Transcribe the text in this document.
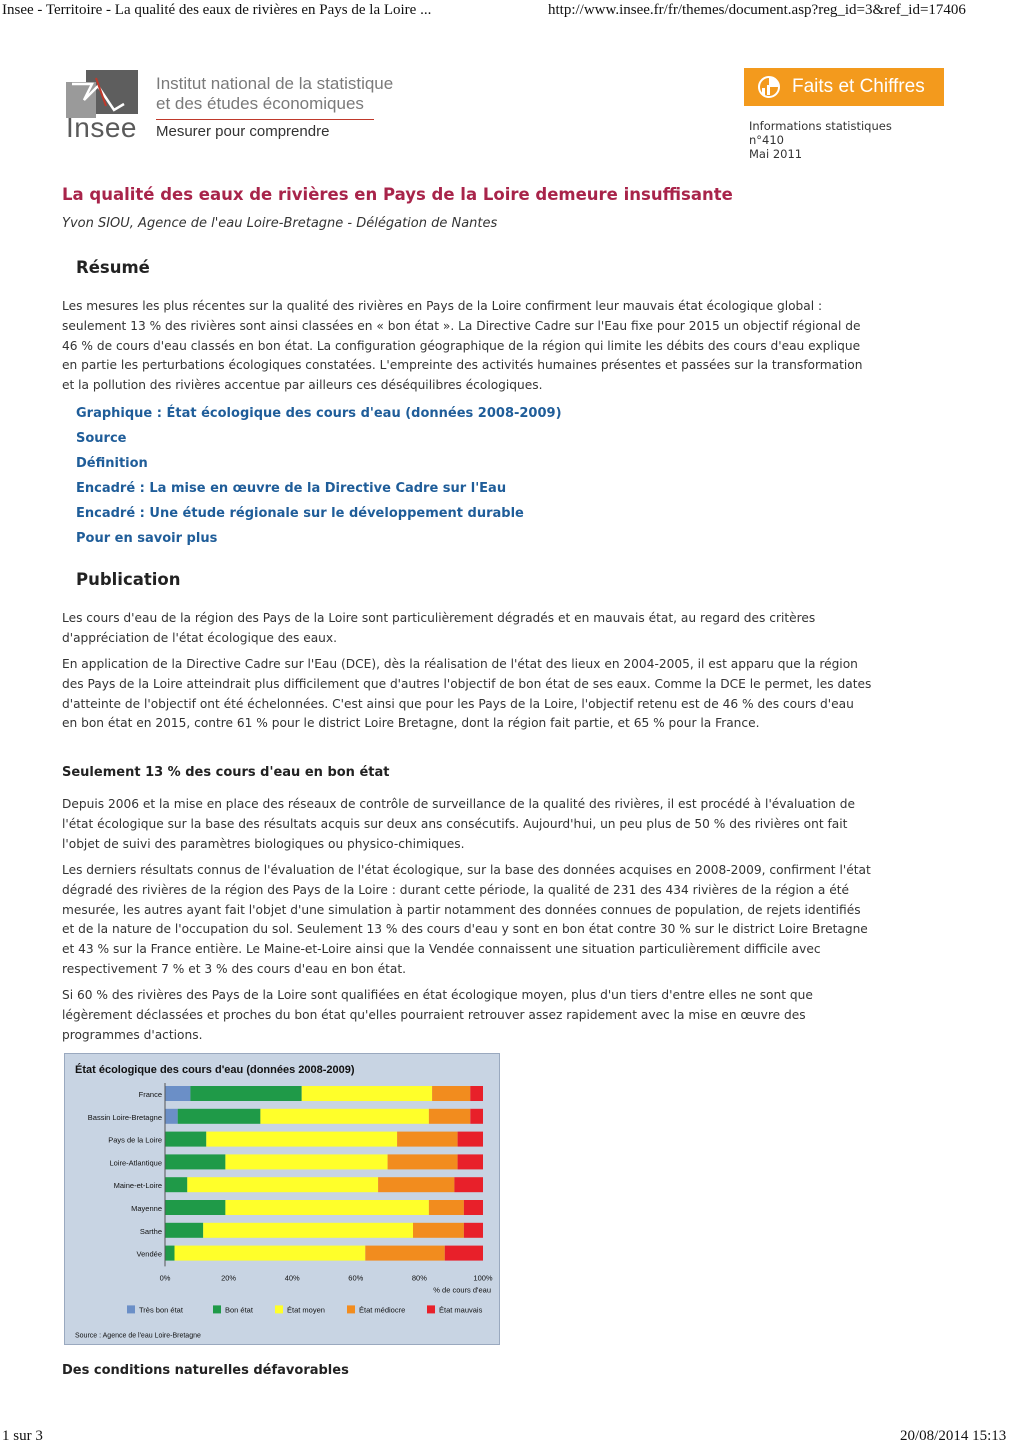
Insee - Territoire - La qualité des eaux de rivières en Pays de la Loire ...	http://www.insee.fr/fr/themes/document.asp?reg_id=3&ref_id=17406
1 sur 3	20/08/2014 15:13
Insee
Institut national de la statistique
et des études économiques
Mesurer pour comprendre
Faits et Chiffres
Informations statistiques
n°410
Mai 2011
La qualité des eaux de rivières en Pays de la Loire demeure insuffisante
Yvon SIOU, Agence de l'eau Loire-Bretagne - Délégation de Nantes
Résumé

Les mesures les plus récentes sur la qualité des rivières en Pays de la Loire confirment leur mauvais état écologique global : seulement 13 % des rivières sont ainsi classées en « bon état ». La Directive Cadre sur l'Eau fixe pour 2015 un objectif régional de 46 % de cours d'eau classés en bon état. La configuration géographique de la région qui limite les débits des cours d'eau explique en partie les perturbations écologiques constatées. L'empreinte des activités humaines présentes et passées sur la transformation et la pollution des rivières accentue par ailleurs ces déséquilibres écologiques.

Graphique : État écologique des cours d'eau (données 2008-2009)
Source
Définition
Encadré : La mise en œuvre de la Directive Cadre sur l'Eau
Encadré : Une étude régionale sur le développement durable
Pour en savoir plus
Publication

Les cours d'eau de la région des Pays de la Loire sont particulièrement dégradés et en mauvais état, au regard des critères d'appréciation de l'état écologique des eaux.

En application de la Directive Cadre sur l'Eau (DCE), dès la réalisation de l'état des lieux en 2004-2005, il est apparu que la région des Pays de la Loire atteindrait plus difficilement que d'autres l'objectif de bon état de ses eaux. Comme la DCE le permet, les dates d'atteinte de l'objectif ont été échelonnées. C'est ainsi que pour les Pays de la Loire, l'objectif retenu est de 46 % des cours d'eau en bon état en 2015, contre 61 % pour le district Loire Bretagne, dont la région fait partie, et 65 % pour la France.

Seulement 13 % des cours d'eau en bon état

Depuis 2006 et la mise en place des réseaux de contrôle de surveillance de la qualité des rivières, il est procédé à l'évaluation de l'état écologique sur la base des résultats acquis sur deux ans consécutifs. Aujourd'hui, un peu plus de 50 % des rivières ont fait l'objet de suivi des paramètres biologiques ou physico-chimiques.

Les derniers résultats connus de l'évaluation de l'état écologique, sur la base des données acquises en 2008-2009, confirment l'état dégradé des rivières de la région des Pays de la Loire : durant cette période, la qualité de 231 des 434 rivières de la région a été mesurée, les autres ayant fait l'objet d'une simulation à partir notamment des données connues de population, de rejets identifiés et de la nature de l'occupation du sol. Seulement 13 % des cours d'eau y sont en bon état contre 30 % sur le district Loire Bretagne et 43 % sur la France entière. Le Maine-et-Loire ainsi que la Vendée connaissent une situation particulièrement difficile avec respectivement 7 % et 3 % des cours d'eau en bon état.

Si 60 % des rivières des Pays de la Loire sont qualifiées en état écologique moyen, plus d'un tiers d'entre elles ne sont que légèrement déclassées et proches du bon état qu'elles pourraient retrouver assez rapidement avec la mise en œuvre des programmes d'actions.

État écologique des cours d'eau (données 2008-2009)
France
Bassin Loire-Bretagne
Pays de la Loire
Loire-Atlantique
Maine-et-Loire
Mayenne
Sarthe
Vendée
0%	20%	40%	60%	80%	100%
% de cours d'eau
Très bon état	Bon état	État moyen	État médiocre	État mauvais
Source : Agence de l'eau Loire-Bretagne
Des conditions naturelles défavorables
